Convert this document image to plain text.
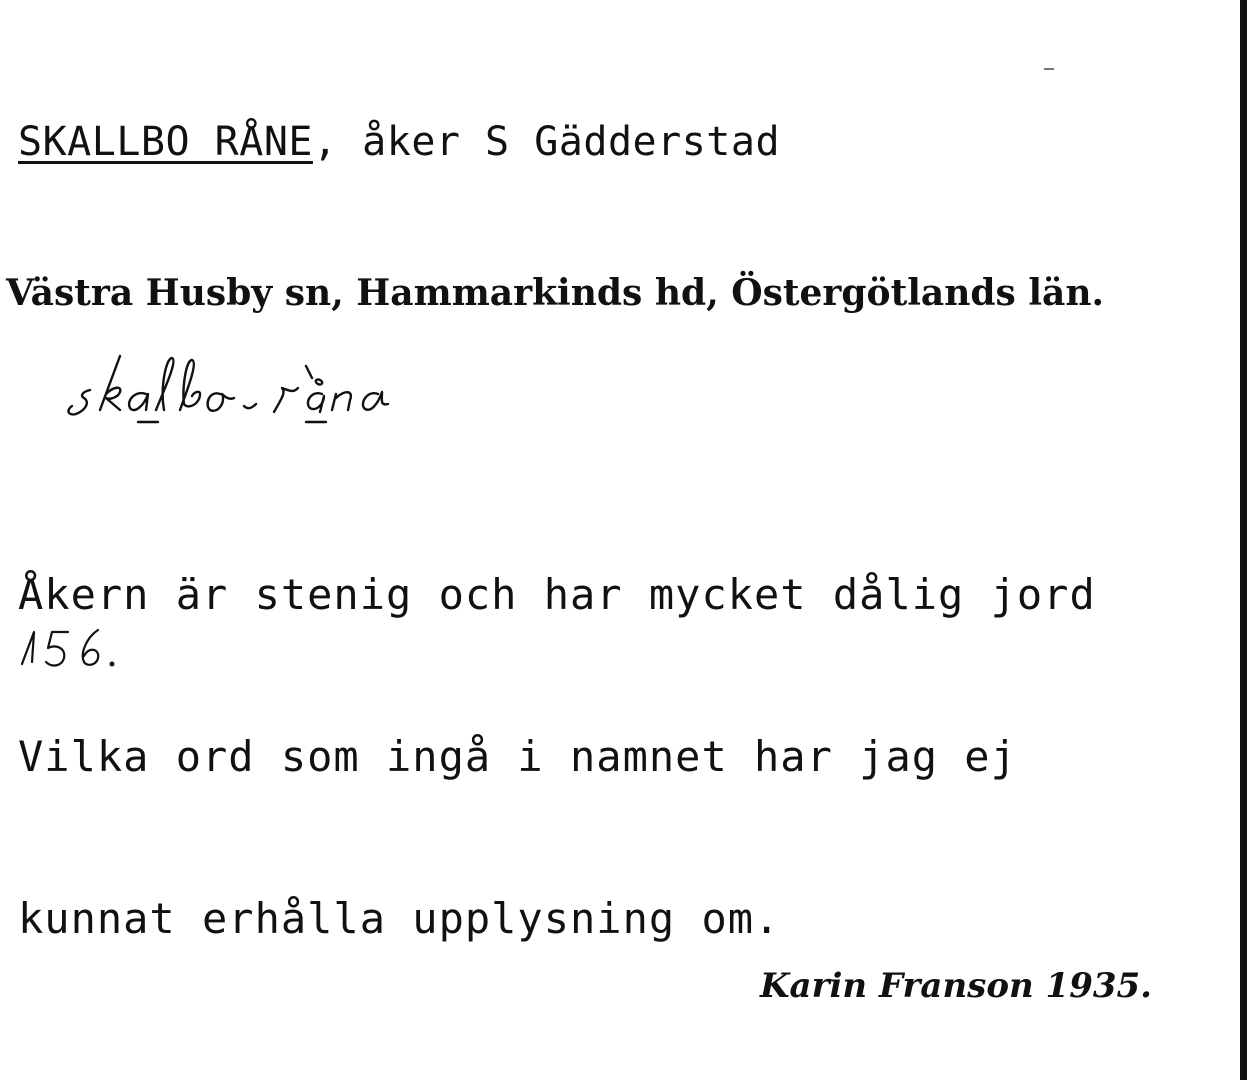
SKALLBO RÅNE, åker S Gädderstad
Västra Husby sn, Hammarkinds hd, Östergötlands län.
skalbo-råna

Åkern är stenig och har mycket dålig jord

Vilka ord som ingå i namnet har jag ej

kunnat erhålla upplysning om.

156.
Karin Franson 1935.
